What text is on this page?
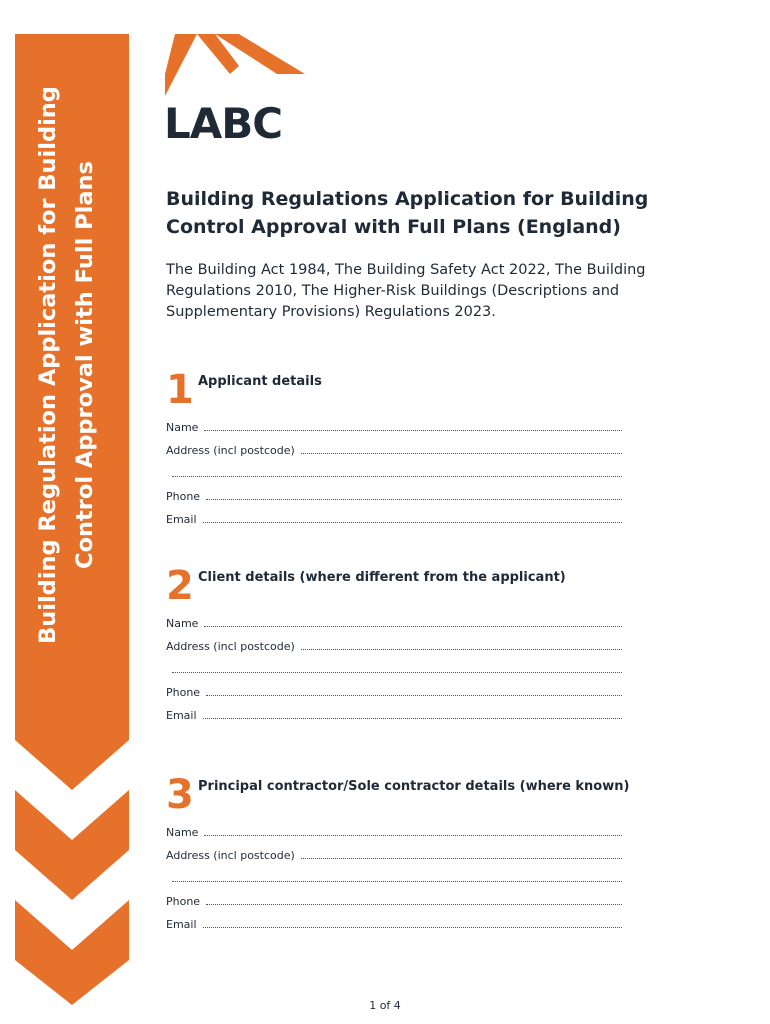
Building Regulation Application for Building Control Approval with Full Plans
LABC
Building Regulations Application for Building Control Approval with Full Plans (England)
The Building Act 1984, The Building Safety Act 2022, The Building Regulations 2010, The Higher-Risk Buildings (Descriptions and Supplementary Provisions) Regulations 2023.
1 Applicant details
Name
Address (incl postcode)
Phone
Email
2 Client details (where different from the applicant)
Name
Address (incl postcode)
Phone
Email
3 Principal contractor/Sole contractor details (where known)
Name
Address (incl postcode)
Phone
Email
1 of 4
